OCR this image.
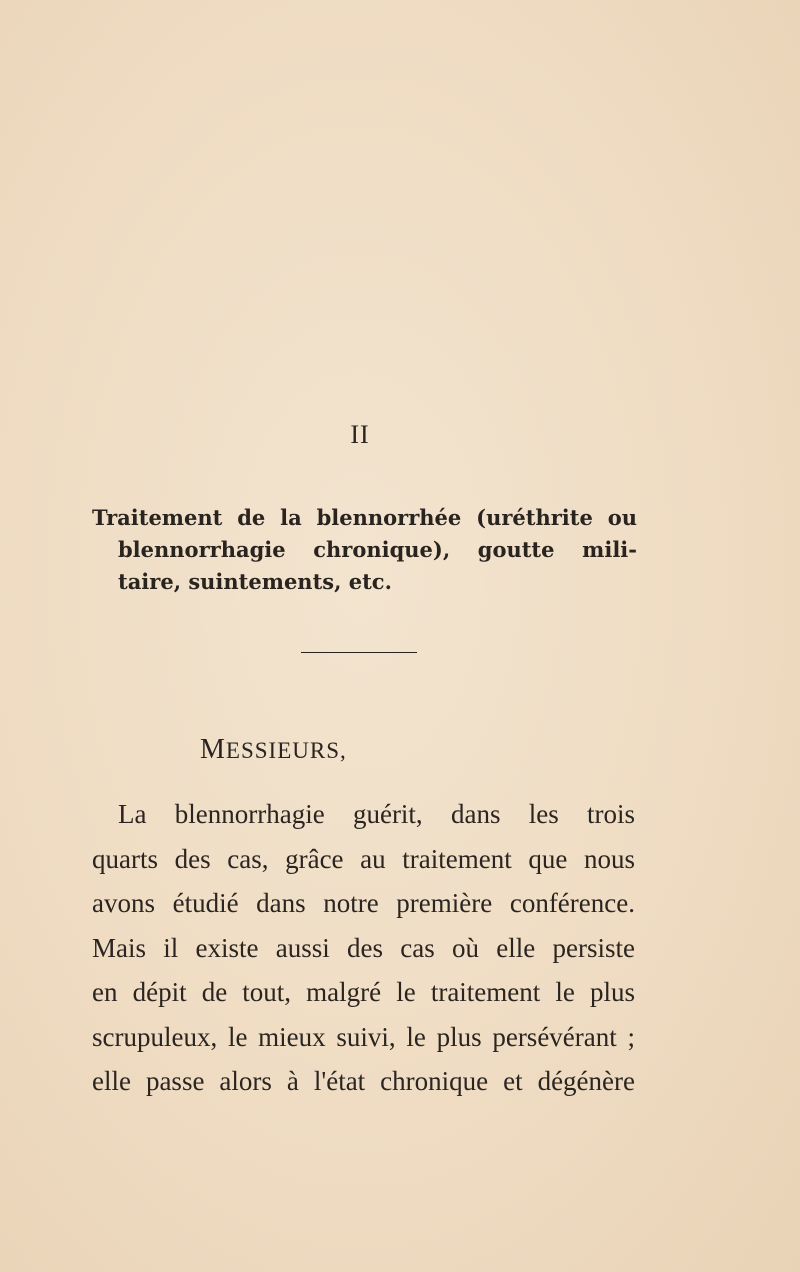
II
Traitement de la blennorrhée (uréthrite ou
blennorrhagie chronique), goutte mili-
taire, suintements, etc.
MESSIEURS,
La blennorrhagie guérit, dans les trois
quarts des cas, grâce au traitement que nous
avons étudié dans notre première conférence.
Mais il existe aussi des cas où elle persiste
en dépit de tout, malgré le traitement le plus
scrupuleux, le mieux suivi, le plus persévérant ;
elle passe alors à l'état chronique et dégénère
